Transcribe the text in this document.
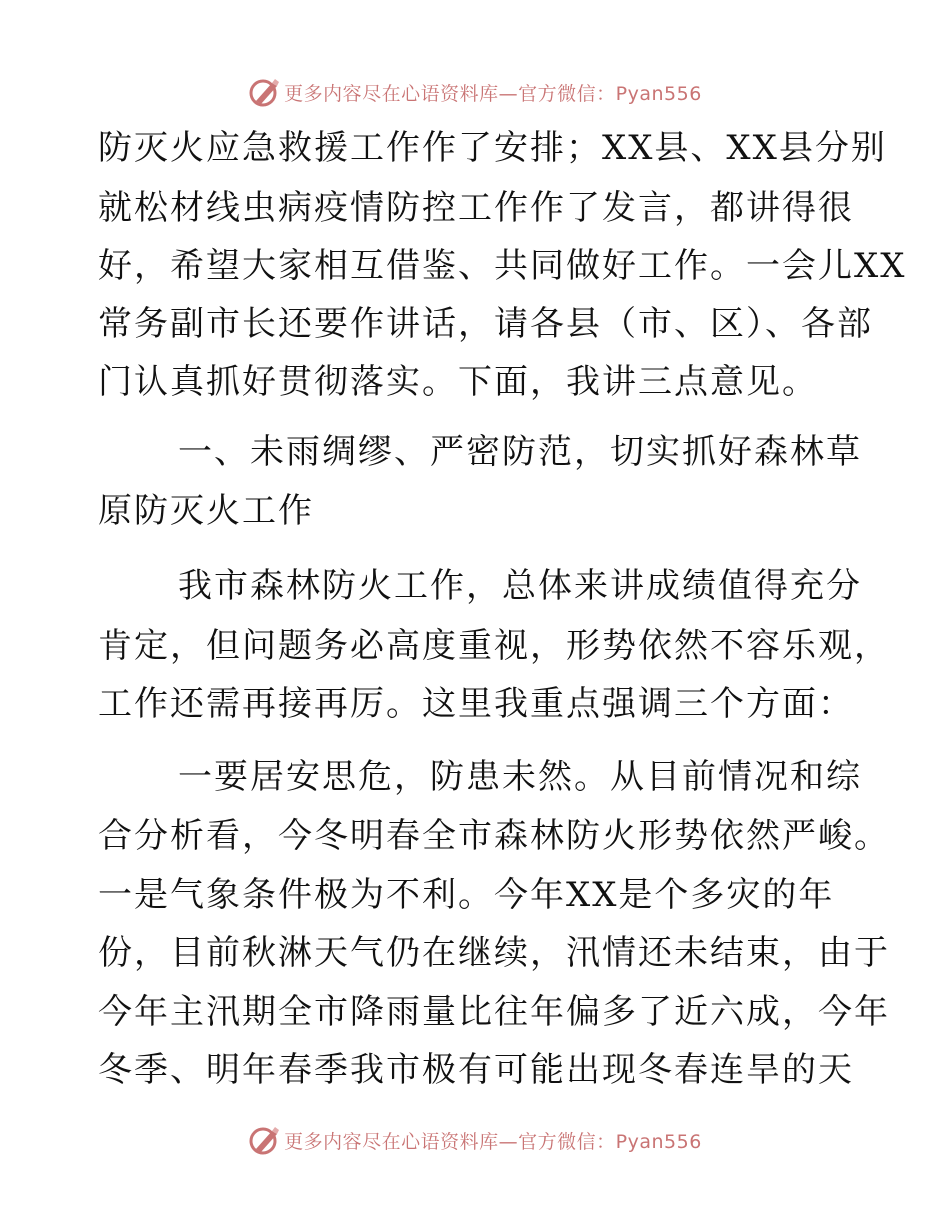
更多内容尽在心语资料库—官方微信：Pyan556
防灭火应急救援工作作了安排；XX县、XX县分别
就松材线虫病疫情防控工作作了发言，都讲得很
好，希望大家相互借鉴、共同做好工作。一会儿XX
常务副市长还要作讲话，请各县（市、区）、各部
门认真抓好贯彻落实。下面，我讲三点意见。
一、未雨绸缪、严密防范，切实抓好森林草
原防灭火工作
我市森林防火工作，总体来讲成绩值得充分
肯定，但问题务必高度重视，形势依然不容乐观，
工作还需再接再厉。这里我重点强调三个方面：
一要居安思危，防患未然。从目前情况和综
合分析看，今冬明春全市森林防火形势依然严峻。
一是气象条件极为不利。今年XX是个多灾的年
份，目前秋淋天气仍在继续，汛情还未结束，由于
今年主汛期全市降雨量比往年偏多了近六成，今年
冬季、明年春季我市极有可能出现冬春连旱的天
更多内容尽在心语资料库—官方微信：Pyan556
